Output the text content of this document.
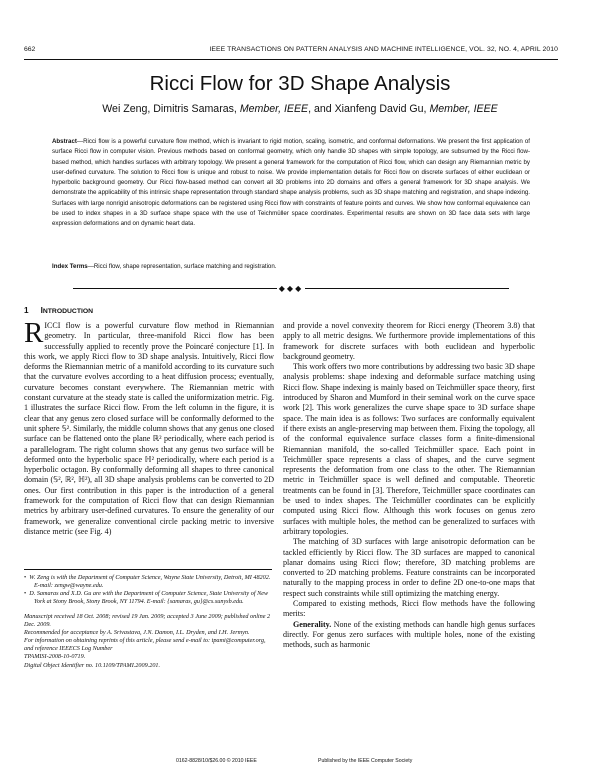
662	IEEE TRANSACTIONS ON PATTERN ANALYSIS AND MACHINE INTELLIGENCE, VOL. 32, NO. 4, APRIL 2010
Ricci Flow for 3D Shape Analysis
Wei Zeng, Dimitris Samaras, Member, IEEE, and Xianfeng David Gu, Member, IEEE
Abstract—Ricci flow is a powerful curvature flow method, which is invariant to rigid motion, scaling, isometric, and conformal deformations. We present the first application of surface Ricci flow in computer vision. Previous methods based on conformal geometry, which only handle 3D shapes with simple topology, are subsumed by the Ricci flow-based method, which handles surfaces with arbitrary topology. We present a general framework for the computation of Ricci flow, which can design any Riemannian metric by user-defined curvature. The solution to Ricci flow is unique and robust to noise. We provide implementation details for Ricci flow on discrete surfaces of either euclidean or hyperbolic background geometry. Our Ricci flow-based method can convert all 3D problems into 2D domains and offers a general framework for 3D shape analysis. We demonstrate the applicability of this intrinsic shape representation through standard shape analysis problems, such as 3D shape matching and registration, and shape indexing. Surfaces with large nonrigid anisotropic deformations can be registered using Ricci flow with constraints of feature points and curves. We show how conformal equivalence can be used to index shapes in a 3D surface shape space with the use of Teichmüller space coordinates. Experimental results are shown on 3D face data sets with large expression deformations and on dynamic heart data.
Index Terms—Ricci flow, shape representation, surface matching and registration.
◆◆◆
1 INTRODUCTION

RICCI flow is a powerful curvature flow method in Riemannian geometry. In particular, three-manifold Ricci flow has been successfully applied to recently prove the Poincaré conjecture [1]. In this work, we apply Ricci flow to 3D shape analysis. Intuitively, Ricci flow deforms the Riemannian metric of a manifold according to its curvature such that the curvature evolves according to a heat diffusion process; eventually, curvature becomes constant everywhere. The Riemannian metric with constant curvature at the steady state is called the uniformization metric. Fig. 1 illustrates the surface Ricci flow. From the left column in the figure, it is clear that any genus zero closed surface will be conformally deformed to the unit sphere 𝕊². Similarly, the middle column shows that any genus one closed surface can be flattened onto the plane ℝ² periodically, where each period is a parallelogram. The right column shows that any genus two surface will be deformed onto the hyperbolic space ℍ² periodically, where each period is a hyperbolic octagon. By conformally deforming all shapes to three canonical domain (𝕊², ℝ², ℍ²), all 3D shape analysis problems can be converted to 2D ones. Our first contribution in this paper is the introduction of a general framework for the computation of Ricci flow that can design Riemannian metrics by arbitrary user-defined curvatures. To ensure the generality of our framework, we generalize conventional circle packing metric to inversive distance metric (see Fig. 4)

and provide a novel convexity theorem for Ricci energy (Theorem 3.8) that apply to all metric designs. We furthermore provide implementations of this framework for discrete surfaces with both euclidean and hyperbolic background geometry.

This work offers two more contributions by addressing two basic 3D shape analysis problems: shape indexing and deformable surface matching using Ricci flow. Shape indexing is mainly based on Teichmüller space theory, first introduced by Sharon and Mumford in their seminal work on the curve space work [2]. This work generalizes the curve shape space to 3D surface shape space. The main idea is as follows: Two surfaces are conformally equivalent if there exists an angle-preserving map between them. Fixing the topology, all of the conformal equivalence surface classes form a finite-dimensional Riemannian manifold, the so-called Teichmüller space. Each point in Teichmüller space represents a class of shapes, and the curve segment represents the deformation from one class to the other. The Riemannian metric in Teichmüller space is well defined and computable. Theoretic treatments can be found in [3]. Therefore, Teichmüller space coordinates can be used to index shapes. The Teichmüller coordinates can be explicitly computed using Ricci flow. Although this work focuses on genus zero surfaces with multiple holes, the method can be generalized to surfaces with arbitrary topologies.

The matching of 3D surfaces with large anisotropic deformation can be tackled efficiently by Ricci flow. The 3D surfaces are mapped to canonical planar domains using Ricci flow; therefore, 3D matching problems are converted to 2D matching problems. Feature constraints can be incorporated naturally to the mapping process in order to define 2D one-to-one maps that respect such constraints while still optimizing the matching energy.

Compared to existing methods, Ricci flow methods have the following merits:

Generality. None of the existing methods can handle high genus surfaces directly. For genus zero surfaces with multiple holes, none of the existing methods, such as harmonic

•  W. Zeng is with the Department of Computer Science, Wayne State University, Detroit, MI 48202. E-mail: zengw@wayne.edu.

•  D. Samaras and X.D. Gu are with the Department of Computer Science, State University of New York at Stony Brook, Stony Brook, NY 11794. E-mail: {samaras, gu}@cs.sunysb.edu.

Manuscript received 18 Oct. 2008; revised 19 Jan. 2009; accepted 3 June 2009; published online 2 Dec. 2009.

Recommended for acceptance by A. Srivastava, J.N. Damon, I.L. Dryden, and I.H. Jermyn.

For information on obtaining reprints of this article, please send e-mail to: tpami@computer.org, and reference IEEECS Log Number

TPAMISI-2008-10-0719.

Digital Object Identifier no. 10.1109/TPAMI.2009.201.

0162-8828/10/$26.00 © 2010 IEEE	Published by the IEEE Computer Society
